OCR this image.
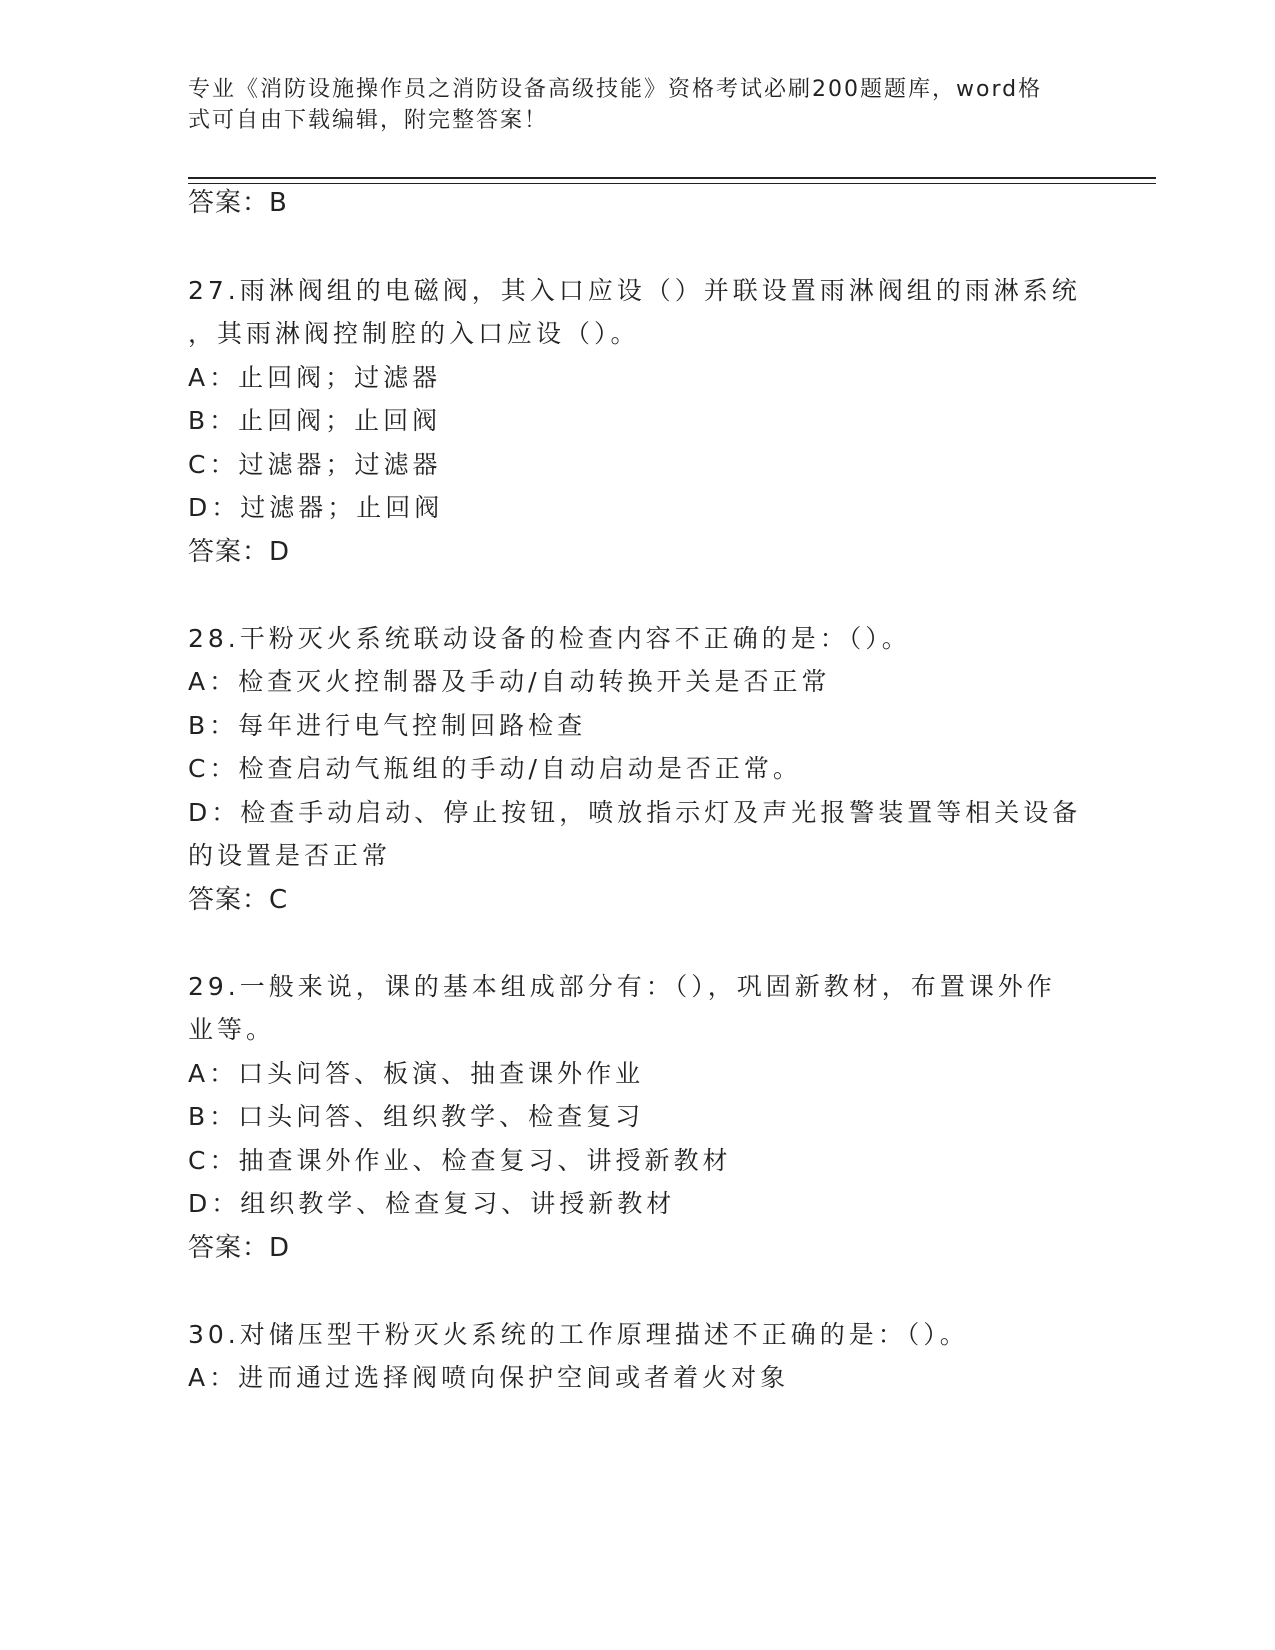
专业《消防设施操作员之消防设备高级技能》资格考试必刷200题题库，word格
式可自由下载编辑，附完整答案！
答案：B
27.雨淋阀组的电磁阀，其入口应设（）并联设置雨淋阀组的雨淋系统
，其雨淋阀控制腔的入口应设（）。
A：止回阀；过滤器
B：止回阀；止回阀
C：过滤器；过滤器
D：过滤器；止回阀
答案：D
28.干粉灭火系统联动设备的检查内容不正确的是：（）。
A：检查灭火控制器及手动/自动转换开关是否正常
B：每年进行电气控制回路检查
C：检查启动气瓶组的手动/自动启动是否正常。
D：检查手动启动、停止按钮，喷放指示灯及声光报警装置等相关设备
的设置是否正常
答案：C
29.一般来说，课的基本组成部分有：（），巩固新教材，布置课外作
业等。
A：口头问答、板演、抽查课外作业
B：口头问答、组织教学、检查复习
C：抽查课外作业、检查复习、讲授新教材
D：组织教学、检查复习、讲授新教材
答案：D
30.对储压型干粉灭火系统的工作原理描述不正确的是：（）。
A：进而通过选择阀喷向保护空间或者着火对象
